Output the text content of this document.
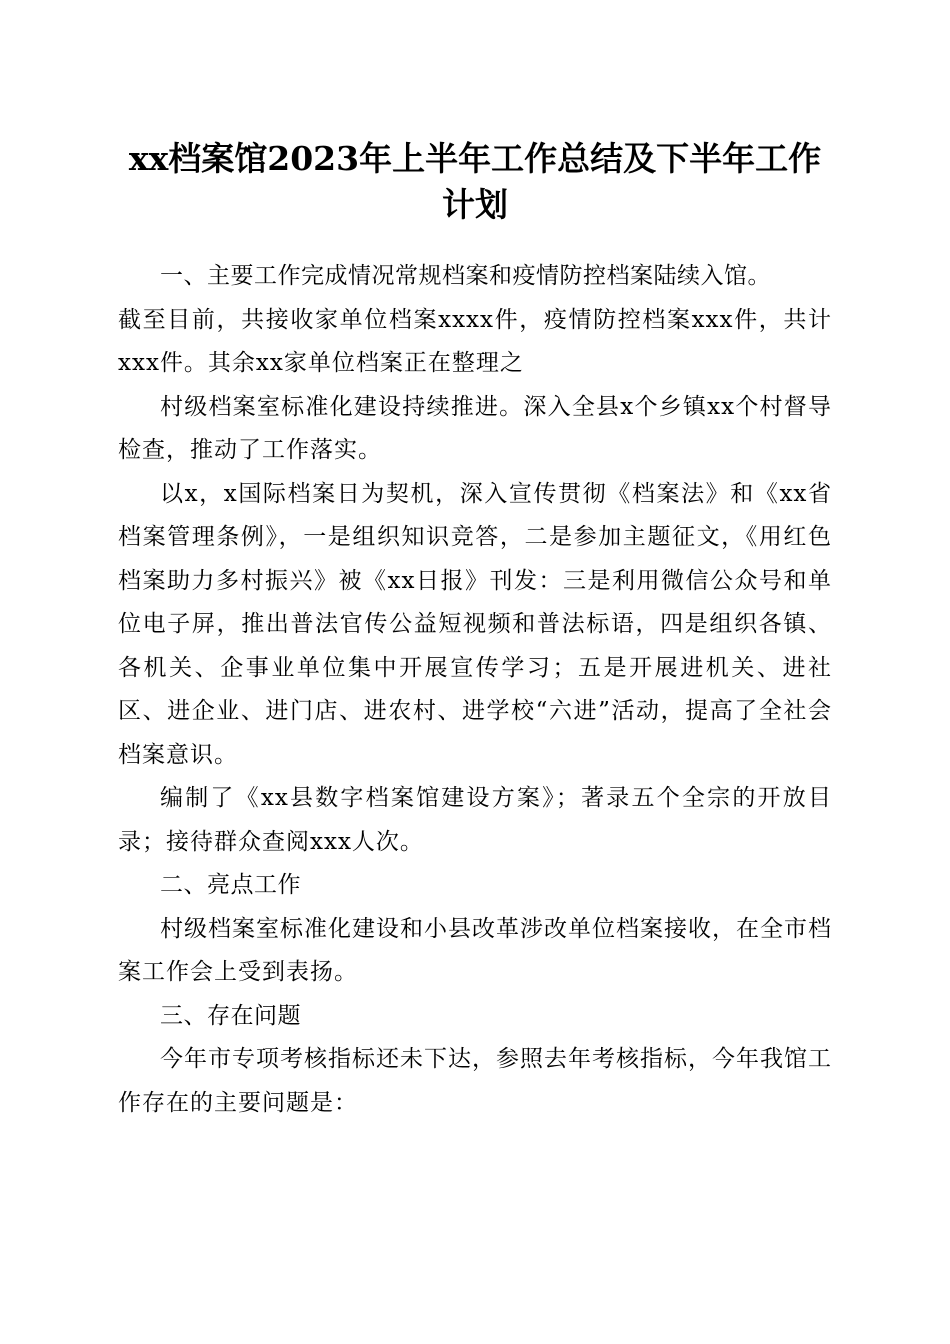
xx档案馆2023年上半年工作总结及下半年工作计划

一、主要工作完成情况常规档案和疫情防控档案陆续入馆。

截至目前，共接收家单位档案xxxx件，疫情防控档案xxx件，共计xxx件。其余xx家单位档案正在整理之

村级档案室标准化建设持续推进。深入全县x个乡镇xx个村督导检查，推动了工作落实。

以x，x国际档案日为契机，深入宣传贯彻《档案法》和《xx省档案管理条例》，一是组织知识竞答，二是参加主题征文，《用红色档案助力多村振兴》被《xx日报》刊发：三是利用微信公众号和单位电子屏，推出普法官传公益短视频和普法标语，四是组织各镇、各机关、企事业单位集中开展宣传学习；五是开展进机关、进社区、进企业、进门店、进农村、进学校“六进”活动，提高了全社会档案意识。

编制了《xx县数字档案馆建设方案》；著录五个全宗的开放目录；接待群众查阅xxx人次。

二、亮点工作

村级档案室标准化建设和小县改革涉改单位档案接收，在全市档案工作会上受到表扬。

三、存在问题

今年市专项考核指标还未下达，参照去年考核指标，今年我馆工作存在的主要问题是：
